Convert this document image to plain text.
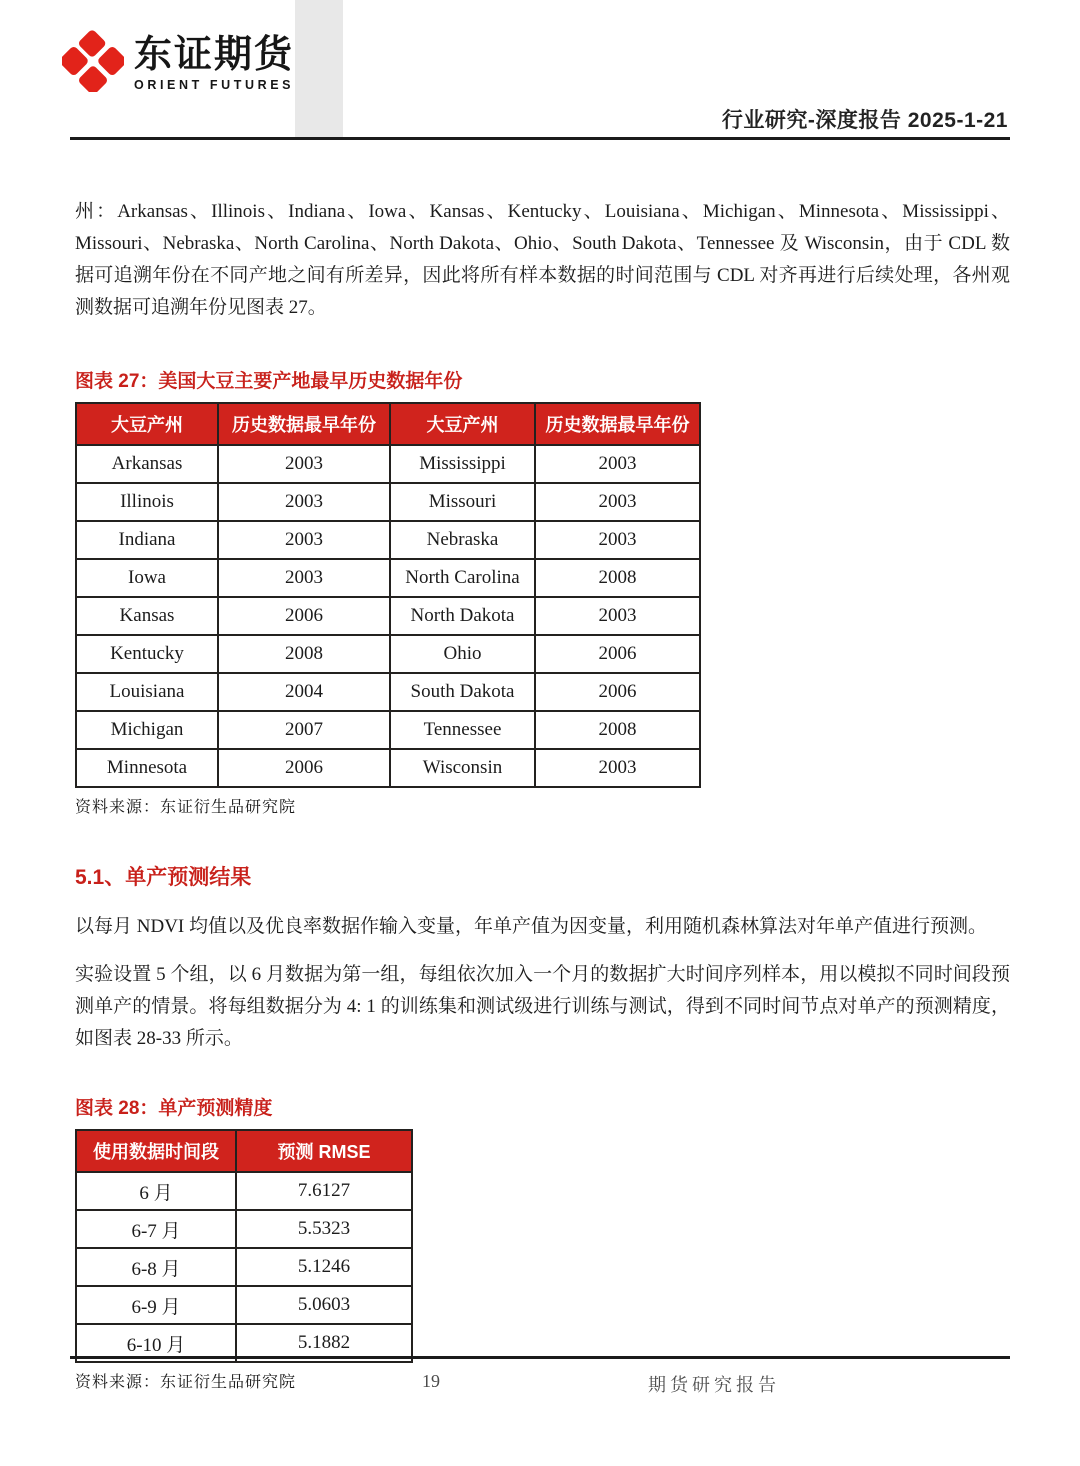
东证期货
ORIENT FUTURES
行业研究-深度报告 2025-1-21

州：Arkansas、Illinois、Indiana、Iowa、Kansas、Kentucky、Louisiana、Michigan、Minnesota、Mississippi、Missouri、Nebraska、North Carolina、North Dakota、Ohio、South Dakota、Tennessee 及 Wisconsin，由于 CDL 数据可追溯年份在不同产地之间有所差异，因此将所有样本数据的时间范围与 CDL 对齐再进行后续处理，各州观测数据可追溯年份见图表 27。

图表 27：美国大豆主要产地最早历史数据年份
大豆产州	历史数据最早年份	大豆产州	历史数据最早年份
Arkansas	2003	Mississippi	2003
Illinois	2003	Missouri	2003
Indiana	2003	Nebraska	2003
Iowa	2003	North Carolina	2008
Kansas	2006	North Dakota	2003
Kentucky	2008	Ohio	2006
Louisiana	2004	South Dakota	2006
Michigan	2007	Tennessee	2008
Minnesota	2006	Wisconsin	2003
资料来源：东证衍生品研究院
5.1、单产预测结果

以每月 NDVI 均值以及优良率数据作输入变量，年单产值为因变量，利用随机森林算法对年单产值进行预测。

实验设置 5 个组，以 6 月数据为第一组，每组依次加入一个月的数据扩大时间序列样本，用以模拟不同时间段预测单产的情景。将每组数据分为 4: 1 的训练集和测试级进行训练与测试，得到不同时间节点对单产的预测精度，如图表 28-33 所示。

图表 28：单产预测精度
使用数据时间段	预测 RMSE
6 月	7.6127
6-7 月	5.5323
6-8 月	5.1246
6-9 月	5.0603
6-10 月	5.1882
资料来源：东证衍生品研究院	19	期货研究报告
